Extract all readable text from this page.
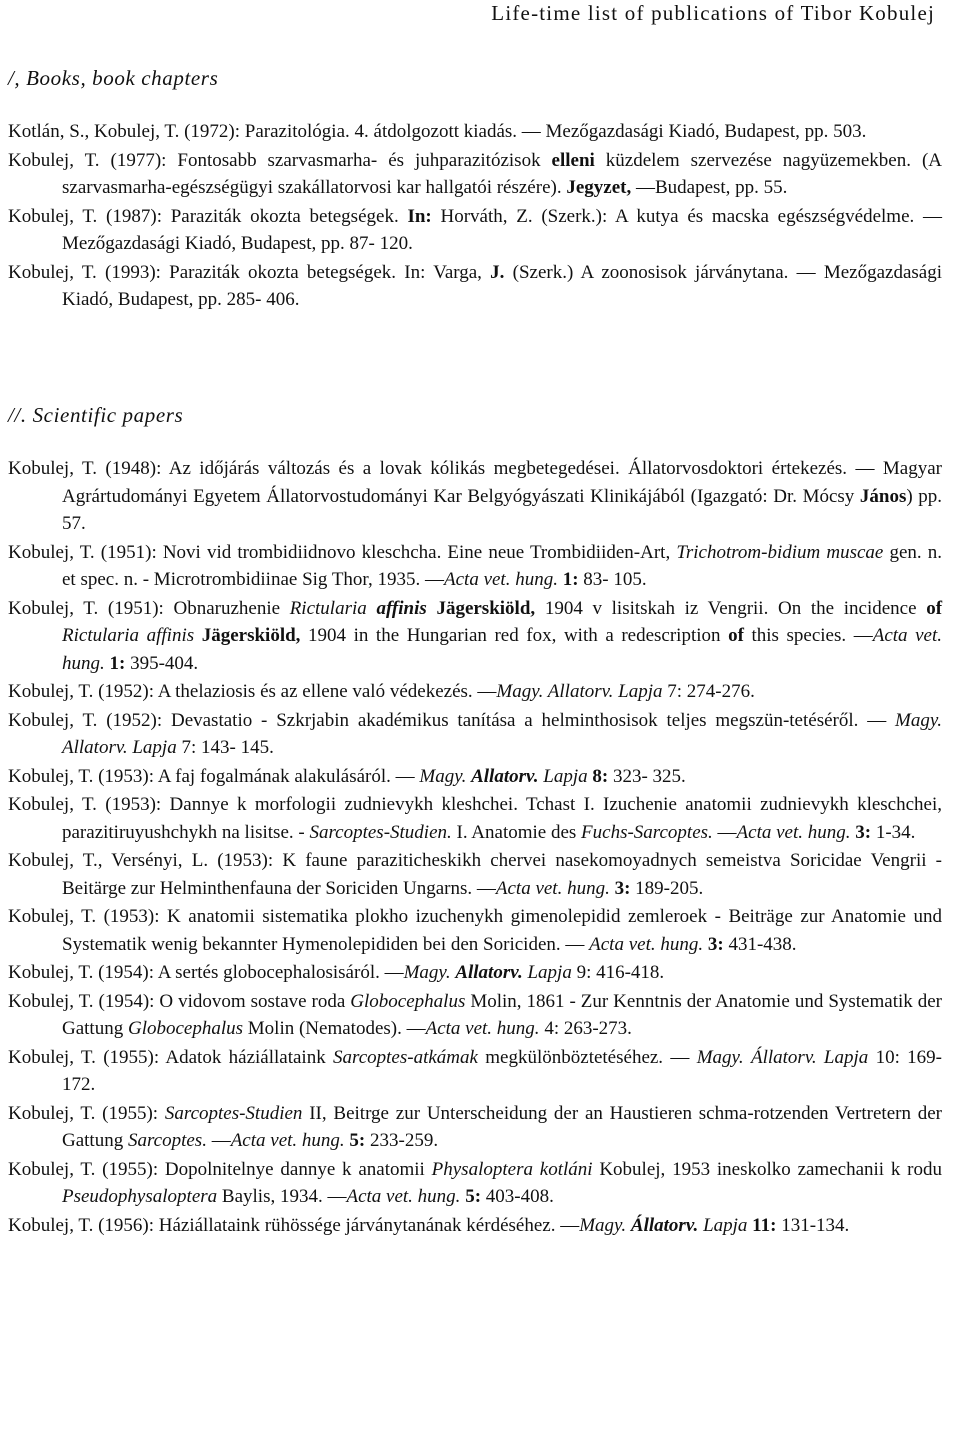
Life-time list of publications of Tibor Kobulej
/, Books, book chapters
Kotlán, S., Kobulej, T. (1972): Parazitológia. 4. átdolgozott kiadás. — Mezőgazdasági Kiadó, Budapest, pp. 503.
Kobulej, T. (1977): Fontosabb szarvasmarha- és juhparazitózisok elleni küzdelem szervezése nagyüzemekben. (A szarvasmarha-egészségügyi szakállatorvosi kar hallgatói részére). Jegyzet, —Budapest, pp. 55.
Kobulej, T. (1987): Paraziták okozta betegségek. In: Horváth, Z. (Szerk.): A kutya és macska egészségvédelme. — Mezőgazdasági Kiadó, Budapest, pp. 87- 120.
Kobulej, T. (1993): Paraziták okozta betegségek. In: Varga, J. (Szerk.) A zoonosisok járványtana. — Mezőgazdasági Kiadó, Budapest, pp. 285- 406.
//. Scientific papers
Kobulej, T. (1948): Az időjárás változás és a lovak kólikás megbetegedései. Állatorvosdoktori értekezés. — Magyar Agrártudományi Egyetem Állatorvostudományi Kar Belgyógyászati Klinikájából (Igazgató: Dr. Mócsy János) pp. 57.
Kobulej, T. (1951): Novi vid trombidiidnovo kleschcha. Eine neue Trombidiiden-Art, Trichotrom-bidium muscae gen. n. et spec. n. - Microtrombidiinae Sig Thor, 1935. —Acta vet. hung. 1: 83- 105.
Kobulej, T. (1951): Obnaruzhenie Rictularia affinis Jägerskiöld, 1904 v lisitskah iz Vengrii. On the incidence of Rictularia affinis Jägerskiöld, 1904 in the Hungarian red fox, with a redescription of this species. —Acta vet. hung. 1: 395-404.
Kobulej, T. (1952): A thelaziosis és az ellene való védekezés. —Magy. Allatorv. Lapja 7: 274-276.
Kobulej, T. (1952): Devastatio - Szkrjabin akadémikus tanítása a helminthosisok teljes megszün-tetéséről. — Magy. Allatorv. Lapja 7: 143- 145.
Kobulej, T. (1953): A faj fogalmának alakulásáról. — Magy. Allatorv. Lapja 8: 323- 325.
Kobulej, T. (1953): Dannye k morfologii zudnievykh kleshchei. Tchast I. Izuchenie anatomii zudnievykh kleschchei, parazitiruyushchykh na lisitse. - Sarcoptes-Studien. I. Anatomie des Fuchs-Sarcoptes. —Acta vet. hung. 3: 1-34.
Kobulej, T., Versényi, L. (1953): K faune paraziticheskikh chervei nasekomoyadnych semeistva Soricidae Vengrii - Beitärge zur Helminthenfauna der Soriciden Ungarns. —Acta vet. hung. 3: 189-205.
Kobulej, T. (1953): K anatomii sistematika plokho izuchenykh gimenolepidid zemleroek - Beiträge zur Anatomie und Systematik wenig bekannter Hymenolepididen bei den Soriciden. — Acta vet. hung. 3: 431-438.
Kobulej, T. (1954): A sertés globocephalosisáról. —Magy. Allatorv. Lapja 9: 416-418.
Kobulej, T. (1954): O vidovom sostave roda Globocephalus Molin, 1861 - Zur Kenntnis der Anatomie und Systematik der Gattung Globocephalus Molin (Nematodes). —Acta vet. hung. 4: 263-273.
Kobulej, T. (1955): Adatok háziállataink Sarcoptes-atkámak megkülönböztetéséhez. — Magy. Állatorv. Lapja 10: 169- 172.
Kobulej, T. (1955): Sarcoptes-Studien II, Beitrge zur Unterscheidung der an Haustieren schma-rotzenden Vertretern der Gattung Sarcoptes. —Acta vet. hung. 5: 233-259.
Kobulej, T. (1955): Dopolnitelnye dannye k anatomii Physaloptera kotláni Kobulej, 1953 ineskolko zamechanii k rodu Pseudophysaloptera Baylis, 1934. —Acta vet. hung. 5: 403-408.
Kobulej, T. (1956): Háziállataink rühössége járványtanának kérdéséhez. —Magy. Állatorv. Lapja 11: 131-134.
